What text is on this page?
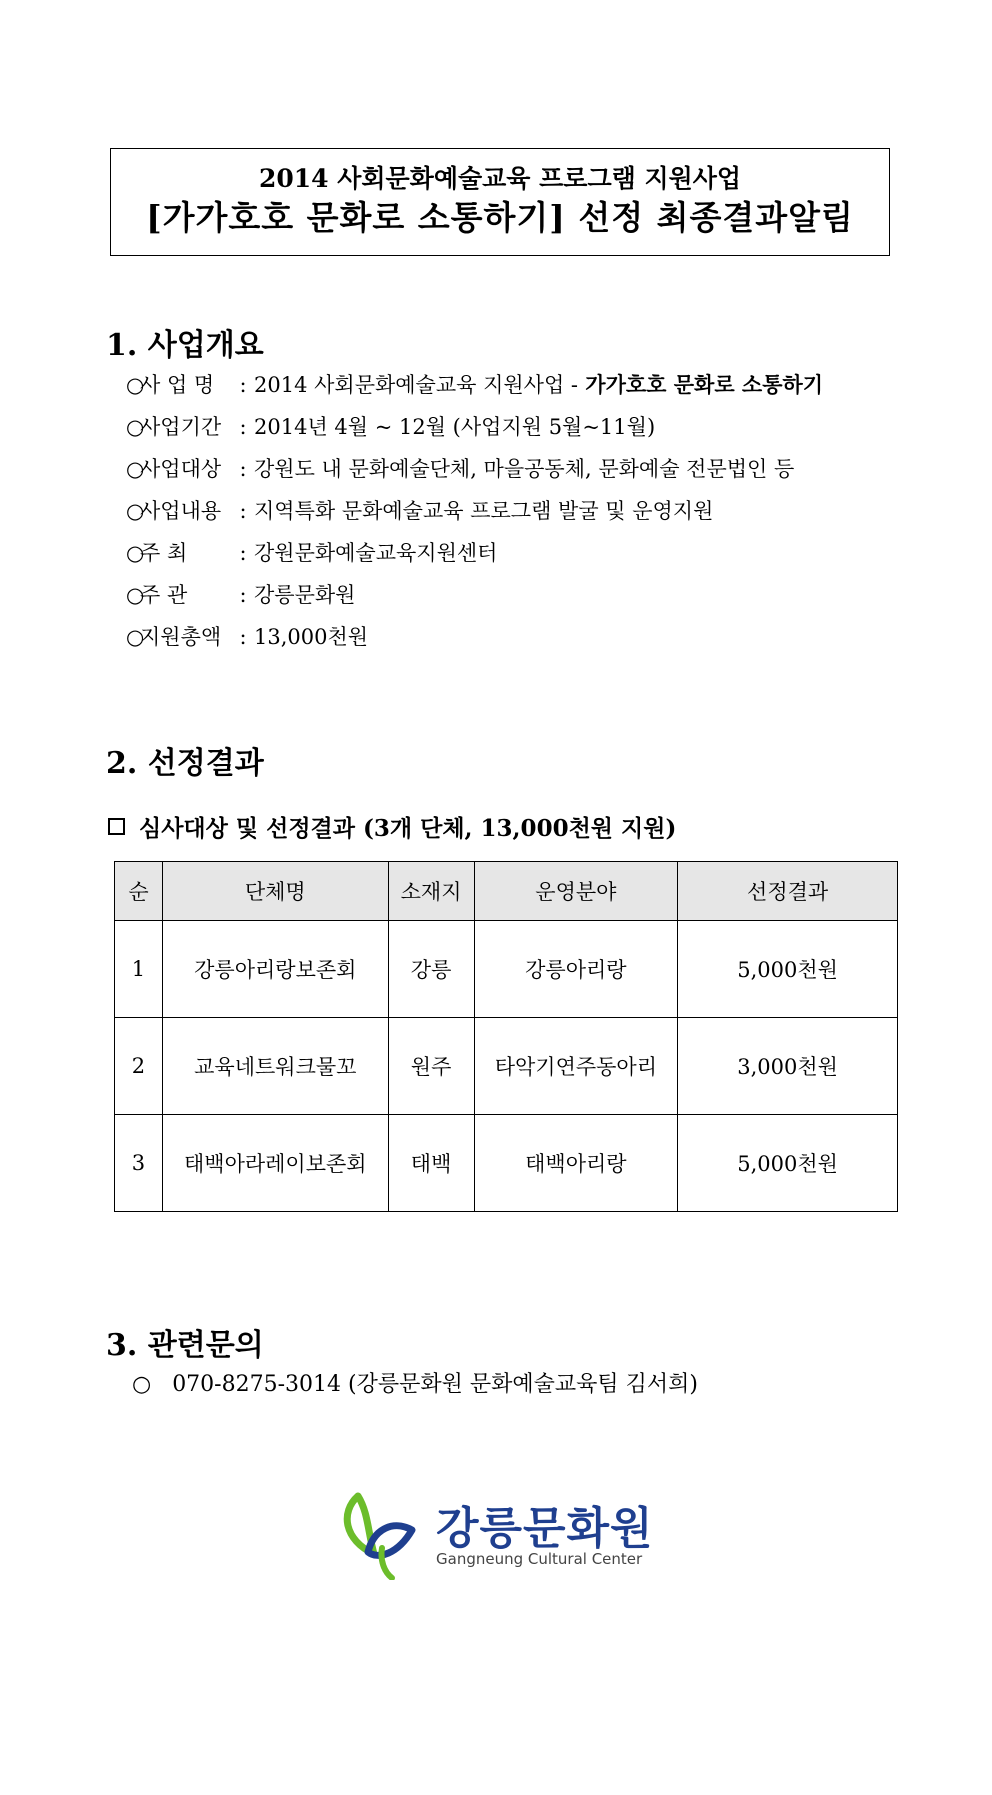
2014 사회문화예술교육 프로그램 지원사업
[가가호호 문화로 소통하기] 선정 최종결과알림
1. 사업개요
○사 업 명 : 2014 사회문화예술교육 지원사업 - 가가호호 문화로 소통하기
○사업기간 : 2014년 4월 ~ 12월 (사업지원 5월~11월)
○사업대상 : 강원도 내 문화예술단체, 마을공동체, 문화예술 전문법인 등
○사업내용 : 지역특화 문화예술교육 프로그램 발굴 및 운영지원
○주 최 : 강원문화예술교육지원센터
○주 관 : 강릉문화원
○지원총액 : 13,000천원
2. 선정결과
심사대상 및 선정결과 (3개 단체, 13,000천원 지원)
순	단체명	소재지	운영분야	선정결과
1	강릉아리랑보존회	강릉	강릉아리랑	5,000천원
2	교육네트워크물꼬	원주	타악기연주동아리	3,000천원
3	태백아라레이보존회	태백	태백아리랑	5,000천원
3. 관련문의
○ 070-8275-3014 (강릉문화원 문화예술교육팀 김서희)
강릉문화원
Gangneung Cultural Center
